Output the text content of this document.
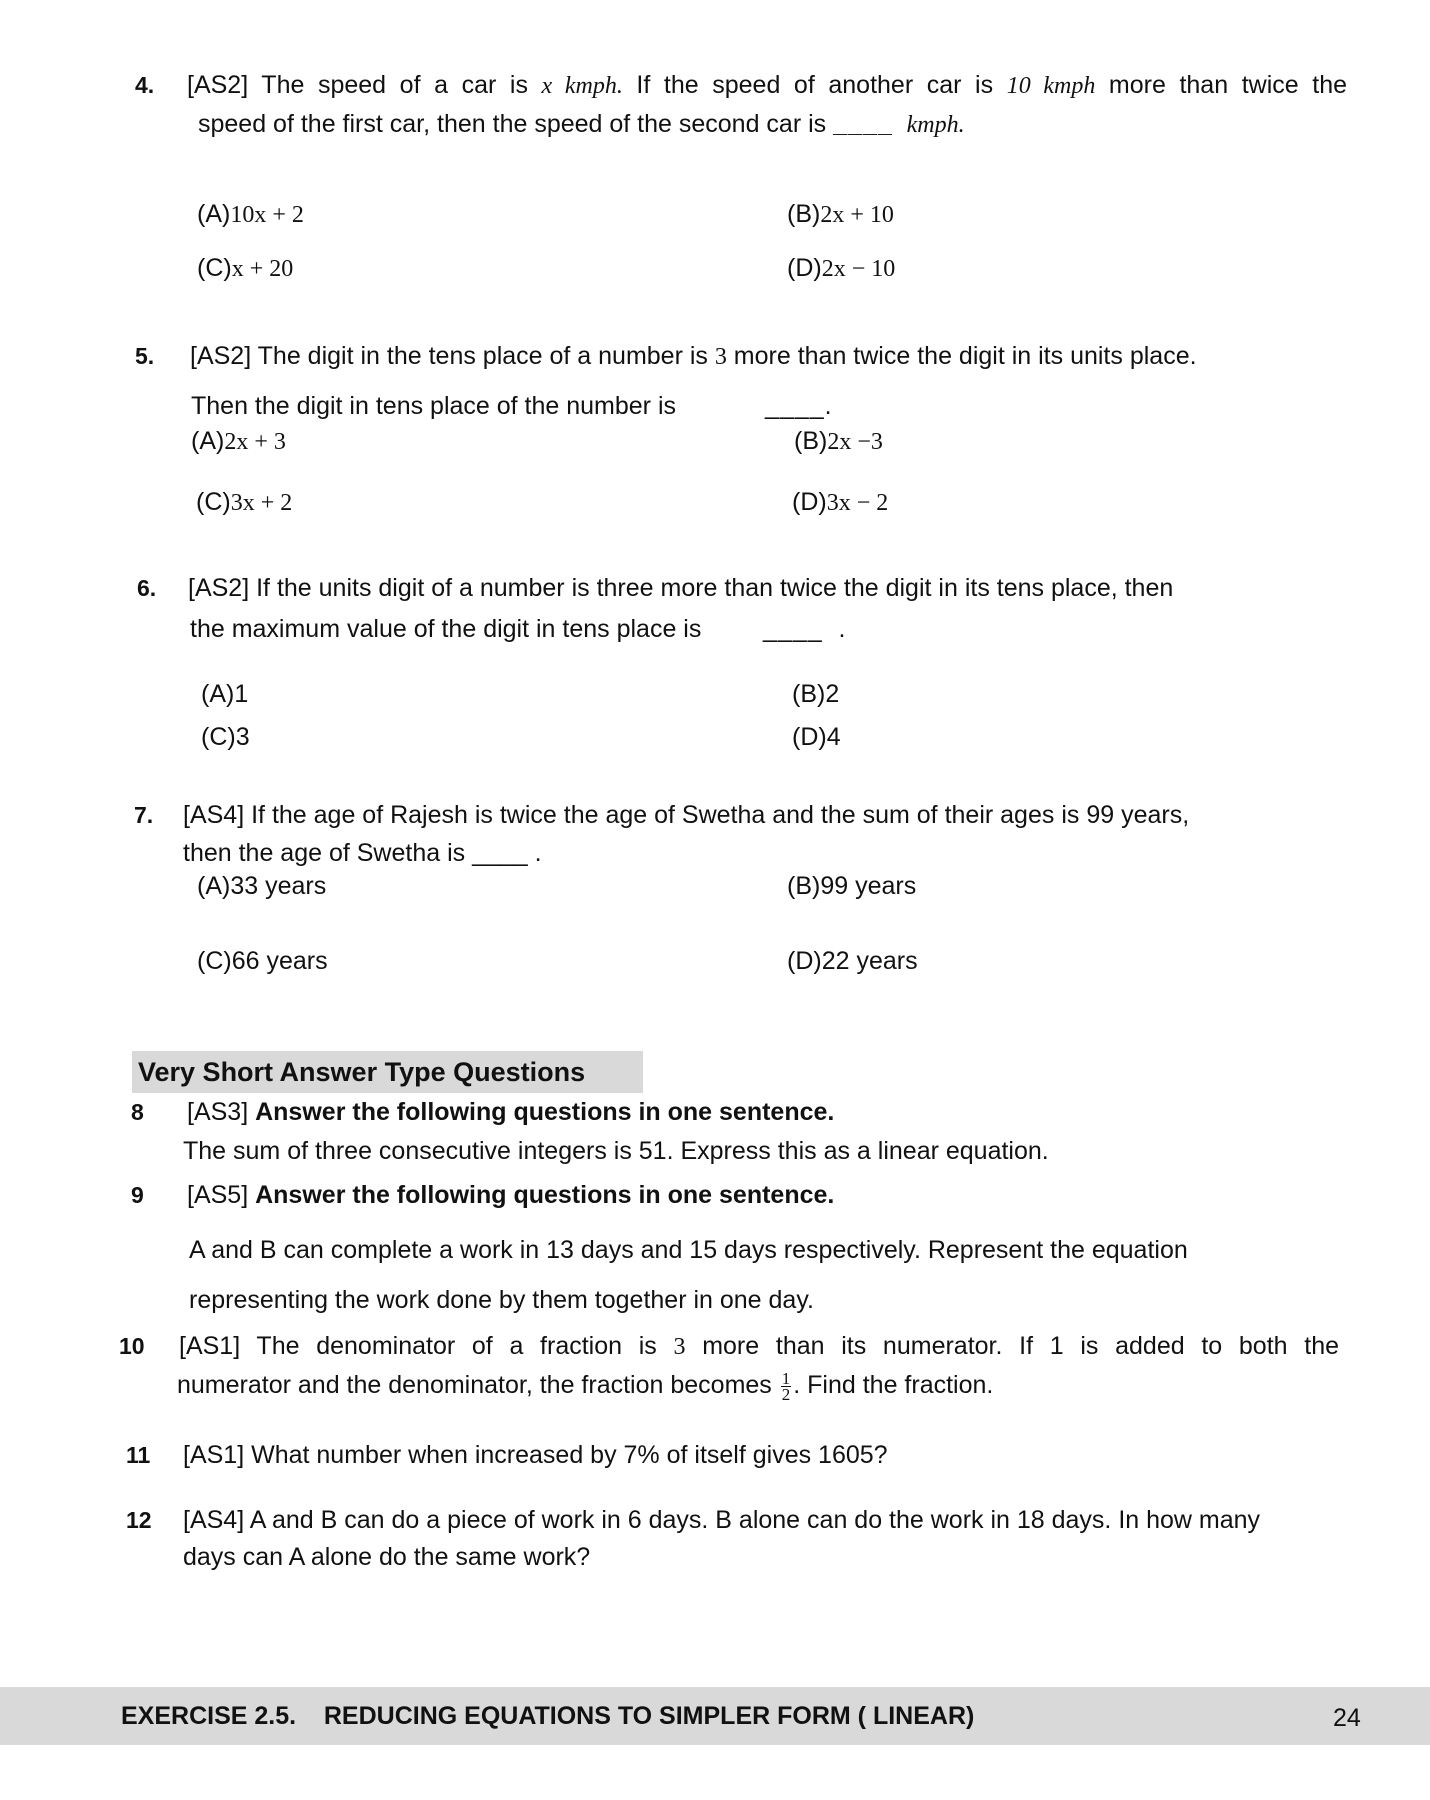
4. [AS2] The speed of a car is x kmph. If the speed of another car is 10 kmph more than twice the
speed of the first car, then the speed of the second car is ____ kmph.
(A)10x + 2	(B)2x + 10
(C)x + 20	(D)2x − 10
5. [AS2] The digit in the tens place of a number is 3 more than twice the digit in its units place.
Then the digit in tens place of the number is	____.
(A)2x + 3	(B)2x −3
(C)3x + 2	(D)3x − 2
6. [AS2] If the units digit of a number is three more than twice the digit in its tens place, then
the maximum value of the digit in tens place is ____  .
(A)1	(B)2
(C)3	(D)4
7. [AS4] If the age of Rajesh is twice the age of Swetha and the sum of their ages is 99 years,
then the age of Swetha is ____ .
(A)33 years	(B)99 years
(C)66 years	(D)22 years
Very Short Answer Type Questions
8 [AS3] Answer the following questions in one sentence.
The sum of three consecutive integers is 51. Express this as a linear equation.
9 [AS5] Answer the following questions in one sentence.
A and B can complete a work in 13 days and 15 days respectively. Represent the equation
representing the work done by them together in one day.
10 [AS1] The denominator of a fraction is 3 more than its numerator. If 1 is added to both the
numerator and the denominator, the fraction becomes $\frac{1}{2}$ . Find the fraction.
11 [AS1] What number when increased by 7% of itself gives 1605?
12 [AS4] A and B can do a piece of work in 6 days. B alone can do the work in 18 days. In how many
days can A alone do the same work?
EXERCISE 2.5.    REDUCING EQUATIONS TO SIMPLER FORM ( LINEAR)	24
